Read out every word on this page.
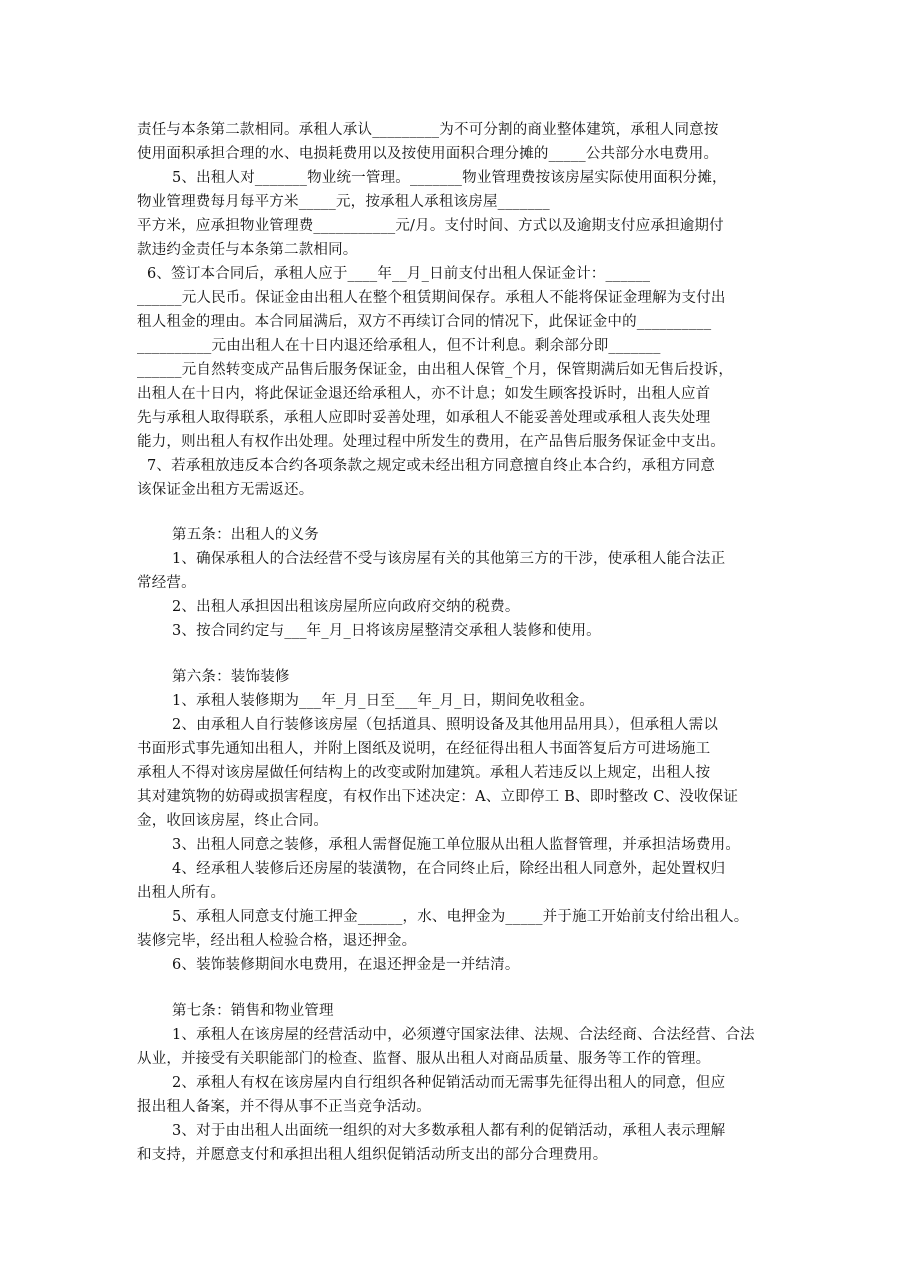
责任与本条第二款相同。承租人承认_________为不可分割的商业整体建筑，承租人同意按
使用面积承担合理的水、电损耗费用以及按使用面积合理分摊的_____公共部分水电费用。
5、出租人对_______物业统一管理。_______物业管理费按该房屋实际使用面积分摊，
物业管理费每月每平方米_____元，按承租人承租该房屋_______
平方米，应承担物业管理费___________元/月。支付时间、方式以及逾期支付应承担逾期付
款违约金责任与本条第二款相同。
6、签订本合同后，承租人应于____年__月_日前支付出租人保证金计：______
______元人民币。保证金由出租人在整个租赁期间保存。承租人不能将保证金理解为支付出
租人租金的理由。本合同届满后，双方不再续订合同的情况下，此保证金中的__________
__________元由出租人在十日内退还给承租人，但不计利息。剩余部分即_______
______元自然转变成产品售后服务保证金，由出租人保管_个月，保管期满后如无售后投诉，
出租人在十日内，将此保证金退还给承租人，亦不计息；如发生顾客投诉时，出租人应首
先与承租人取得联系，承租人应即时妥善处理，如承租人不能妥善处理或承租人丧失处理
能力，则出租人有权作出处理。处理过程中所发生的费用，在产品售后服务保证金中支出。
7、若承租放违反本合约各项条款之规定或未经出租方同意擅自终止本合约，承租方同意
该保证金出租方无需返还。
第五条：出租人的义务
1、确保承租人的合法经营不受与该房屋有关的其他第三方的干涉，使承租人能合法正
常经营。
2、出租人承担因出租该房屋所应向政府交纳的税费。
3、按合同约定与___年_月_日将该房屋整清交承租人装修和使用。
第六条：装饰装修
1、承租人装修期为___年_月_日至___年_月_日，期间免收租金。
2、由承租人自行装修该房屋（包括道具、照明设备及其他用品用具），但承租人需以
书面形式事先通知出租人，并附上图纸及说明，在经征得出租人书面答复后方可进场施工
承租人不得对该房屋做任何结构上的改变或附加建筑。承租人若违反以上规定，出租人按
其对建筑物的妨碍或损害程度，有权作出下述决定：A、立即停工 B、即时整改 C、没收保证
金，收回该房屋，终止合同。
3、出租人同意之装修，承租人需督促施工单位服从出租人监督管理，并承担洁场费用。
4、经承租人装修后还房屋的装潢物，在合同终止后，除经出租人同意外，起处置权归
出租人所有。
5、承租人同意支付施工押金______，水、电押金为_____并于施工开始前支付给出租人。
装修完毕，经出租人检验合格，退还押金。
6、装饰装修期间水电费用，在退还押金是一并结清。
第七条：销售和物业管理
1、承租人在该房屋的经营活动中，必须遵守国家法律、法规、合法经商、合法经营、合法
从业，并接受有关职能部门的检查、监督、服从出租人对商品质量、服务等工作的管理。
2、承租人有权在该房屋内自行组织各种促销活动而无需事先征得出租人的同意，但应
报出租人备案，并不得从事不正当竞争活动。
3、对于由出租人出面统一组织的对大多数承租人都有利的促销活动，承租人表示理解
和支持，并愿意支付和承担出租人组织促销活动所支出的部分合理费用。
